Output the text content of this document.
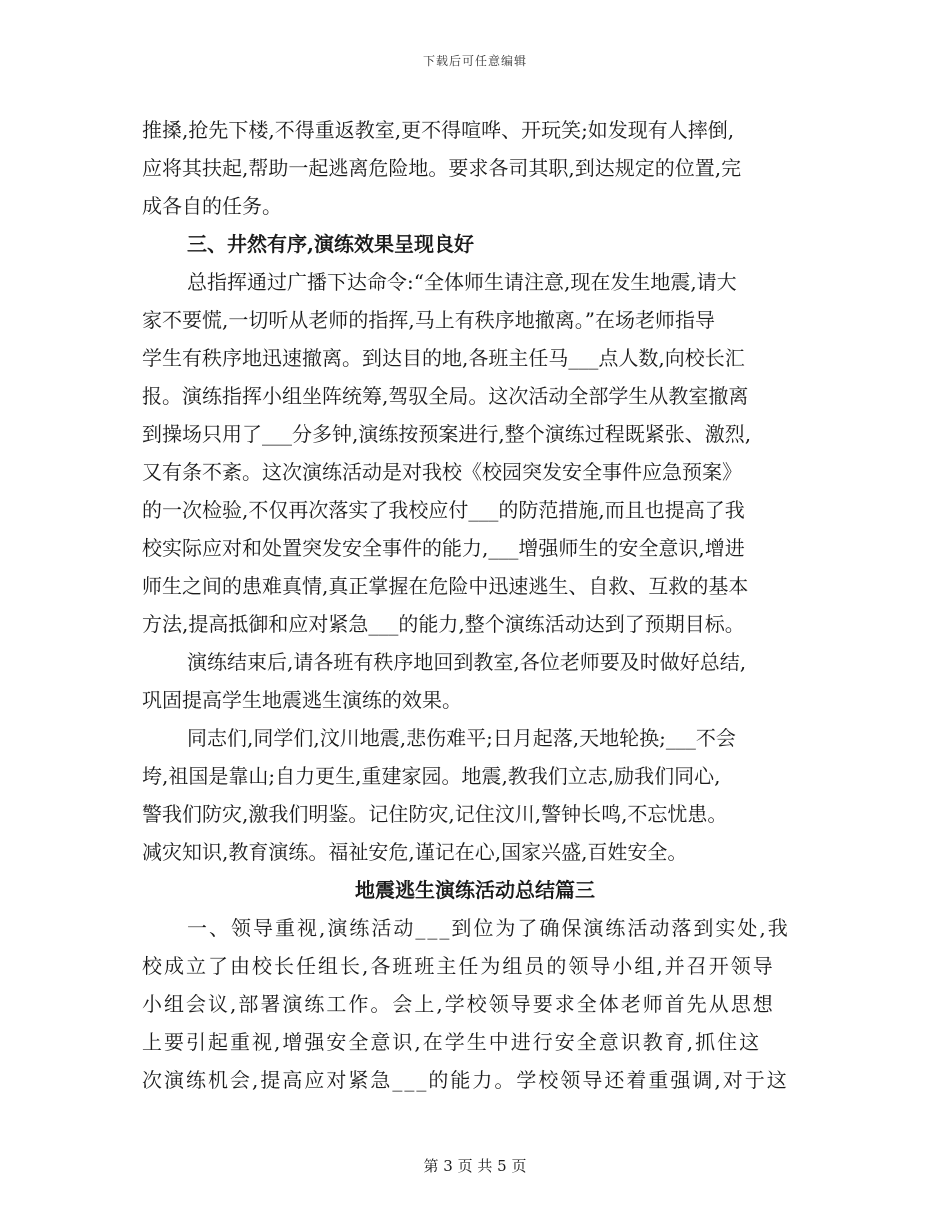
下载后可任意编辑
推搡,抢先下楼,不得重返教室,更不得喧哗、开玩笑;如发现有人摔倒,
应将其扶起,帮助一起逃离危险地。要求各司其职,到达规定的位置,完
成各自的任务。
三、井然有序,演练效果呈现良好
总指挥通过广播下达命令:“全体师生请注意,现在发生地震,请大
家不要慌,一切听从老师的指挥,马上有秩序地撤离。”在场老师指导
学生有秩序地迅速撤离。到达目的地,各班主任马___点人数,向校长汇
报。演练指挥小组坐阵统筹,驾驭全局。这次活动全部学生从教室撤离
到操场只用了___分多钟,演练按预案进行,整个演练过程既紧张、激烈,
又有条不紊。这次演练活动是对我校《校园突发安全事件应急预案》
的一次检验,不仅再次落实了我校应付___的防范措施,而且也提高了我
校实际应对和处置突发安全事件的能力,___增强师生的安全意识,增进
师生之间的患难真情,真正掌握在危险中迅速逃生、自救、互救的基本
方法,提高抵御和应对紧急___的能力,整个演练活动达到了预期目标。
演练结束后,请各班有秩序地回到教室,各位老师要及时做好总结,
巩固提高学生地震逃生演练的效果。
同志们,同学们,汶川地震,悲伤难平;日月起落,天地轮换;___不会
垮,祖国是靠山;自力更生,重建家园。地震,教我们立志,励我们同心,
警我们防灾,激我们明鉴。记住防灾,记住汶川,警钟长鸣,不忘忧患。
减灾知识,教育演练。福祉安危,谨记在心,国家兴盛,百姓安全。
地震逃生演练活动总结篇三
一、领导重视,演练活动___到位为了确保演练活动落到实处,我
校成立了由校长任组长,各班班主任为组员的领导小组,并召开领导
小组会议,部署演练工作。会上,学校领导要求全体老师首先从思想
上要引起重视,增强安全意识,在学生中进行安全意识教育,抓住这
次演练机会,提高应对紧急___的能力。学校领导还着重强调,对于这
第 3 页 共 5 页
